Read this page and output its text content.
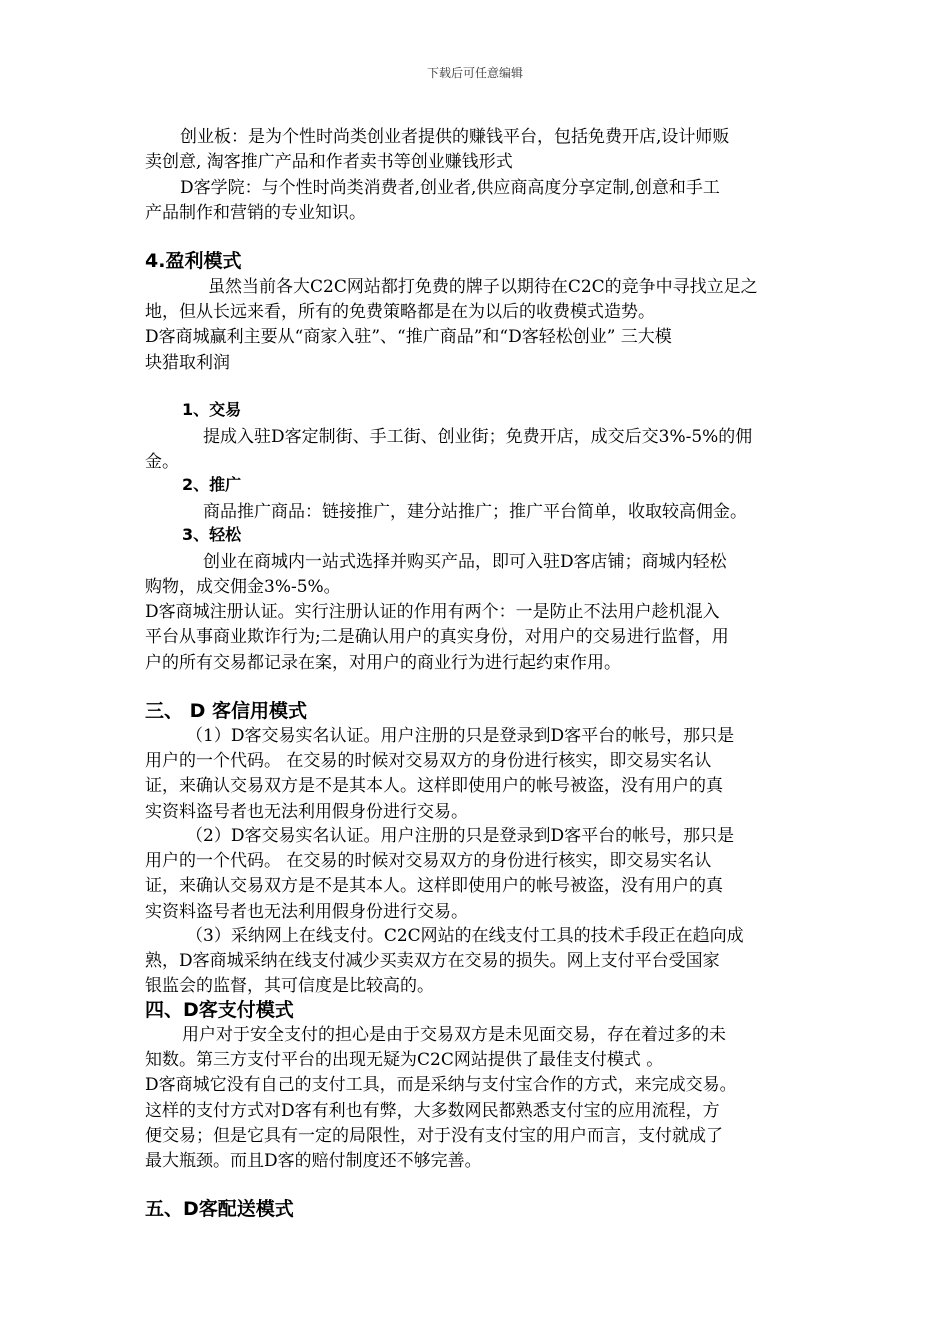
下载后可任意编辑
创业板：是为个性时尚类创业者提供的赚钱平台，包括免费开店,设计师贩
卖创意, 淘客推广产品和作者卖书等创业赚钱形式
D客学院：与个性时尚类消费者,创业者,供应商高度分享定制,创意和手工
产品制作和营销的专业知识。
4.盈利模式
虽然当前各大C2C网站都打免费的牌子以期待在C2C的竞争中寻找立足之
地，但从长远来看，所有的免费策略都是在为以后的收费模式造势。
D客商城赢利主要从“商家入驻”、“推广商品”和“D客轻松创业” 三大模
块猎取利润
1、交易
提成入驻D客定制街、手工街、创业街；免费开店，成交后交3%-5%的佣
金。
2、推广
商品推广商品：链接推广，建分站推广；推广平台简单，收取较高佣金。
3、轻松
创业在商城内一站式选择并购买产品，即可入驻D客店铺；商城内轻松
购物，成交佣金3%-5%。
D客商城注册认证。实行注册认证的作用有两个：一是防止不法用户趁机混入
平台从事商业欺诈行为;二是确认用户的真实身份，对用户的交易进行监督，用
户的所有交易都记录在案，对用户的商业行为进行起约束作用。
三、 D 客信用模式
（1）D客交易实名认证。用户注册的只是登录到D客平台的帐号，那只是
用户的一个代码。 在交易的时候对交易双方的身份进行核实，即交易实名认
证，来确认交易双方是不是其本人。这样即使用户的帐号被盗，没有用户的真
实资料盗号者也无法利用假身份进行交易。
（2）D客交易实名认证。用户注册的只是登录到D客平台的帐号，那只是
用户的一个代码。 在交易的时候对交易双方的身份进行核实，即交易实名认
证，来确认交易双方是不是其本人。这样即使用户的帐号被盗，没有用户的真
实资料盗号者也无法利用假身份进行交易。
（3）采纳网上在线支付。C2C网站的在线支付工具的技术手段正在趋向成
熟，D客商城采纳在线支付减少买卖双方在交易的损失。网上支付平台受国家
银监会的监督，其可信度是比较高的。
四、D客支付模式
用户对于安全支付的担心是由于交易双方是未见面交易，存在着过多的未
知数。第三方支付平台的出现无疑为C2C网站提供了最佳支付模式 。
D客商城它没有自己的支付工具，而是采纳与支付宝合作的方式，来完成交易。
这样的支付方式对D客有利也有弊，大多数网民都熟悉支付宝的应用流程，方
便交易；但是它具有一定的局限性，对于没有支付宝的用户而言，支付就成了
最大瓶颈。而且D客的赔付制度还不够完善。
五、D客配送模式
